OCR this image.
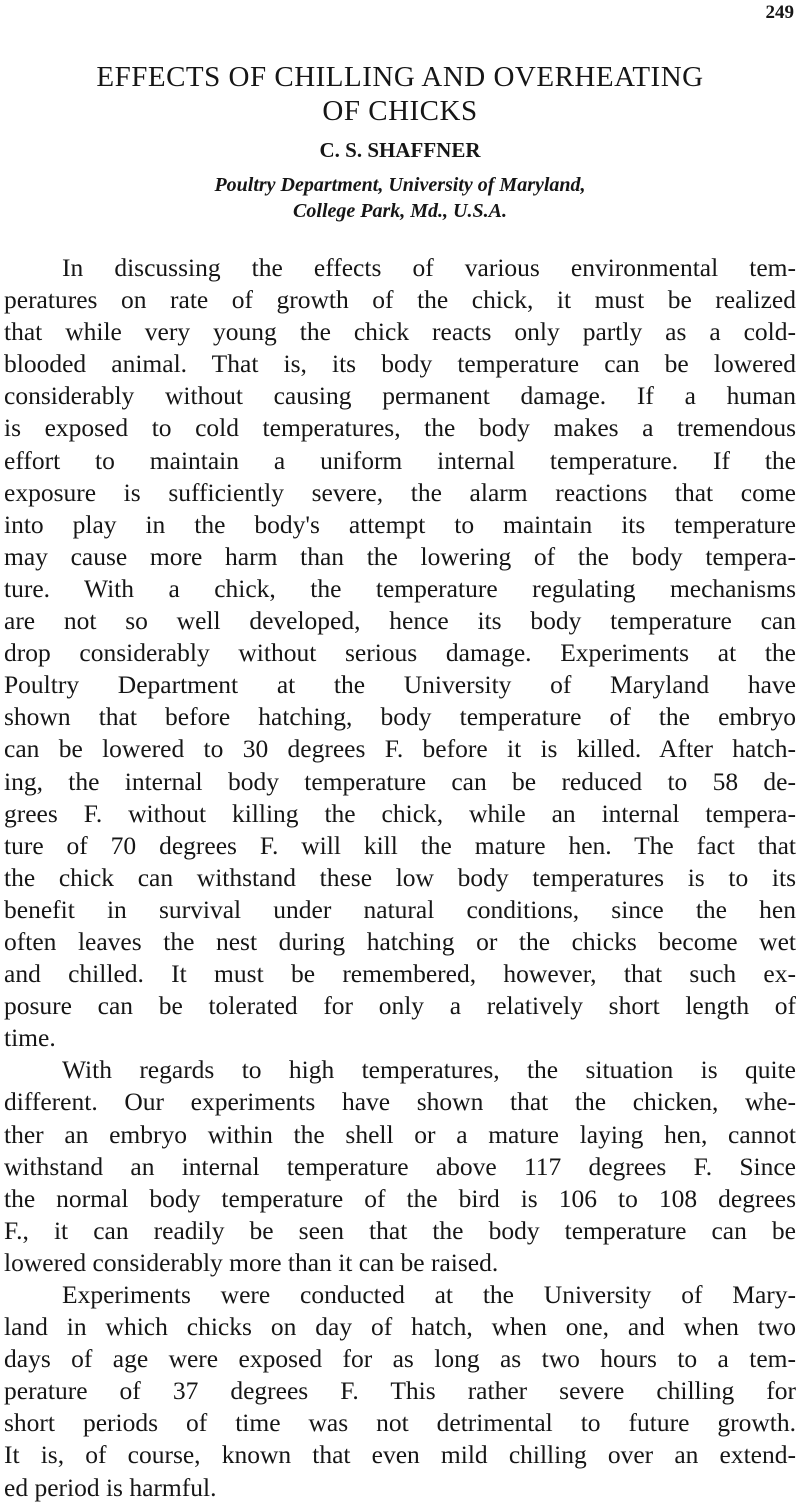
249
EFFECTS OF CHILLING AND OVERHEATING
OF CHICKS
C. S. SHAFFNER
Poultry Department, University of Maryland,
College Park, Md., U.S.A.
In discussing the effects of various environmental tem-
peratures on rate of growth of the chick, it must be realized
that while very young the chick reacts only partly as a cold-
blooded animal. That is, its body temperature can be lowered
considerably without causing permanent damage. If a human
is exposed to cold temperatures, the body makes a tremendous
effort to maintain a uniform internal temperature. If the
exposure is sufficiently severe, the alarm reactions that come
into play in the body's attempt to maintain its temperature
may cause more harm than the lowering of the body tempera-
ture. With a chick, the temperature regulating mechanisms
are not so well developed, hence its body temperature can
drop considerably without serious damage. Experiments at the
Poultry Department at the University of Maryland have
shown that before hatching, body temperature of the embryo
can be lowered to 30 degrees F. before it is killed. After hatch-
ing, the internal body temperature can be reduced to 58 de-
grees F. without killing the chick, while an internal tempera-
ture of 70 degrees F. will kill the mature hen. The fact that
the chick can withstand these low body temperatures is to its
benefit in survival under natural conditions, since the hen
often leaves the nest during hatching or the chicks become wet
and chilled. It must be remembered, however, that such ex-
posure can be tolerated for only a relatively short length of
time.
With regards to high temperatures, the situation is quite
different. Our experiments have shown that the chicken, whe-
ther an embryo within the shell or a mature laying hen, cannot
withstand an internal temperature above 117 degrees F. Since
the normal body temperature of the bird is 106 to 108 degrees
F., it can readily be seen that the body temperature can be
lowered considerably more than it can be raised.
Experiments were conducted at the University of Mary-
land in which chicks on day of hatch, when one, and when two
days of age were exposed for as long as two hours to a tem-
perature of 37 degrees F. This rather severe chilling for
short periods of time was not detrimental to future growth.
It is, of course, known that even mild chilling over an extend-
ed period is harmful.
